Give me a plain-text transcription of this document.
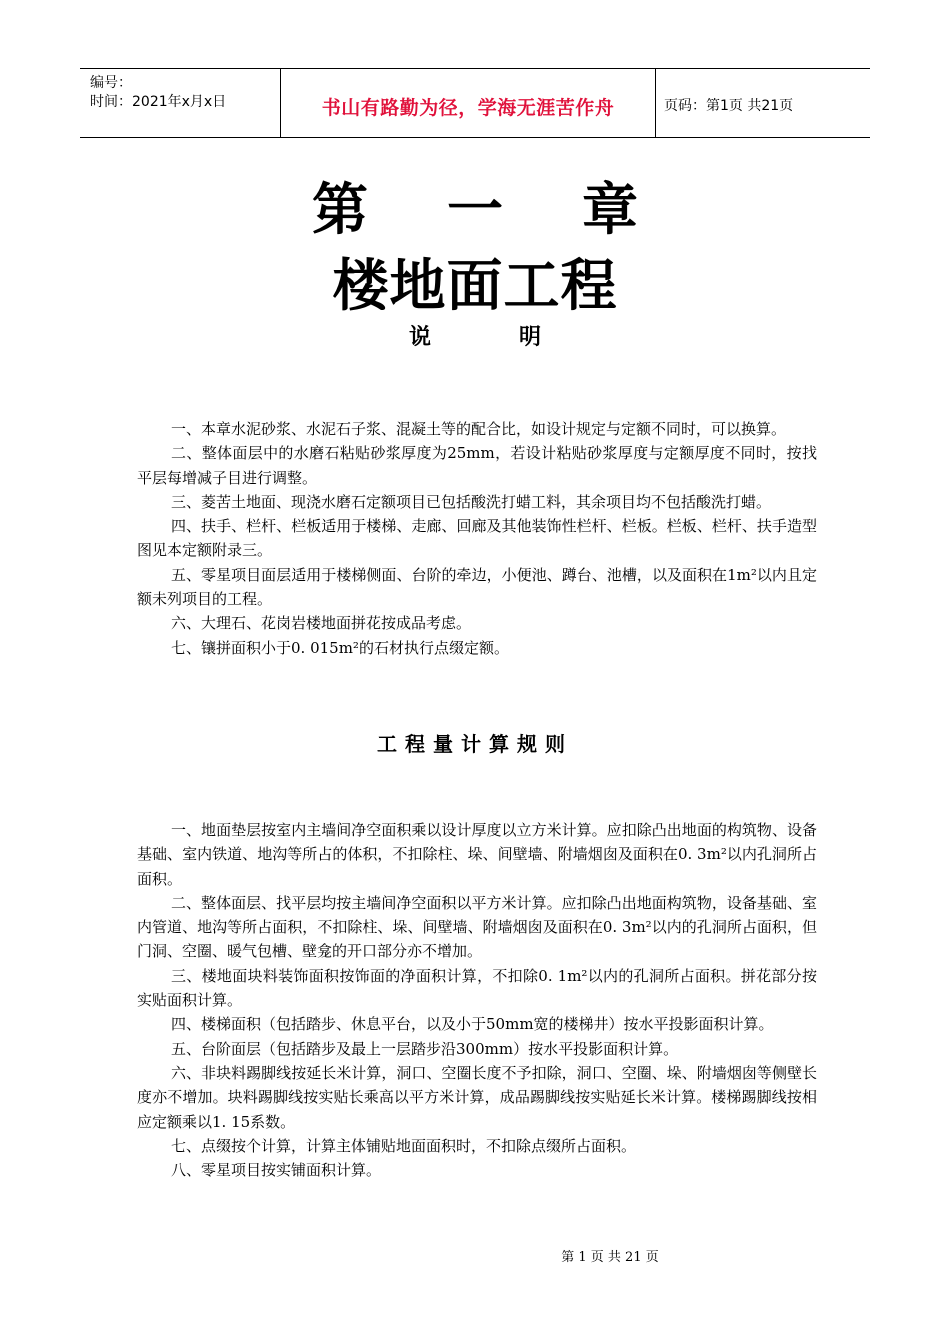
编号：
时间：2021年x月x日	书山有路勤为径，学海无涯苦作舟	页码：第1页 共21页
第 一 章
楼地面工程
说	明

一、本章水泥砂浆、水泥石子浆、混凝土等的配合比，如设计规定与定额不同时，可以换算。

二、整体面层中的水磨石粘贴砂浆厚度为25mm，若设计粘贴砂浆厚度与定额厚度不同时，按找平层每增减子目进行调整。

三、菱苦土地面、现浇水磨石定额项目已包括酸洗打蜡工料，其余项目均不包括酸洗打蜡。

四、扶手、栏杆、栏板适用于楼梯、走廊、回廊及其他装饰性栏杆、栏板。栏板、栏杆、扶手造型图见本定额附录三。

五、零星项目面层适用于楼梯侧面、台阶的牵边，小便池、蹲台、池槽，以及面积在1m²以内且定额未列项目的工程。

六、大理石、花岗岩楼地面拼花按成品考虑。

七、镶拼面积小于0. 015m²的石材执行点缀定额。

工程量计算规则

一、地面垫层按室内主墙间净空面积乘以设计厚度以立方米计算。应扣除凸出地面的构筑物、设备基础、室内铁道、地沟等所占的体积，不扣除柱、垛、间壁墙、附墙烟囱及面积在0. 3m²以内孔洞所占面积。

二、整体面层、找平层均按主墙间净空面积以平方米计算。应扣除凸出地面构筑物，设备基础、室内管道、地沟等所占面积，不扣除柱、垛、间壁墙、附墙烟囱及面积在0. 3m²以内的孔洞所占面积，但门洞、空圈、暖气包槽、壁龛的开口部分亦不增加。

三、楼地面块料装饰面积按饰面的净面积计算，不扣除0. 1m²以内的孔洞所占面积。拼花部分按实贴面积计算。

四、楼梯面积（包括踏步、休息平台，以及小于50mm宽的楼梯井）按水平投影面积计算。

五、台阶面层（包括踏步及最上一层踏步沿300mm）按水平投影面积计算。

六、非块料踢脚线按延长米计算，洞口、空圈长度不予扣除，洞口、空圈、垛、附墙烟囱等侧壁长度亦不增加。块料踢脚线按实贴长乘高以平方米计算，成品踢脚线按实贴延长米计算。楼梯踢脚线按相应定额乘以1. 15系数。

七、点缀按个计算，计算主体铺贴地面面积时，不扣除点缀所占面积。

八、零星项目按实铺面积计算。

第 1 页 共 21 页
